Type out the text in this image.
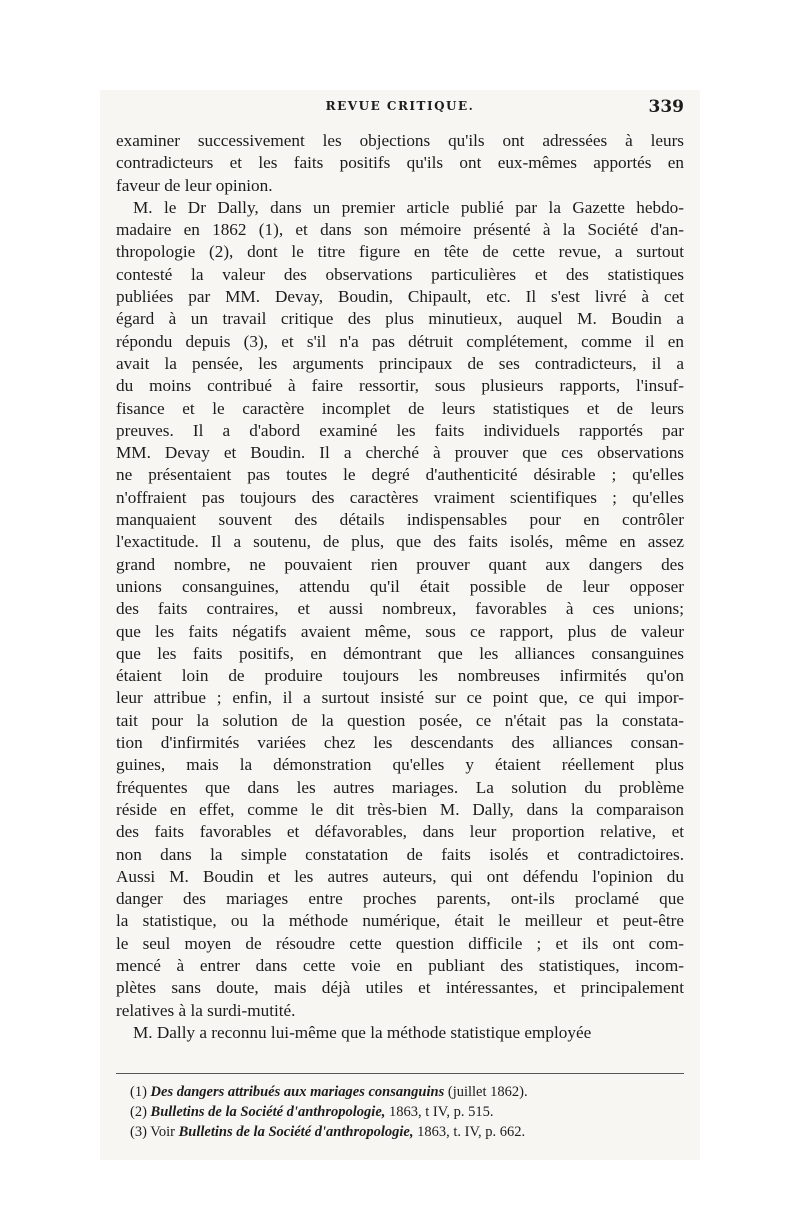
REVUE CRITIQUE.	339
examiner successivement les objections qu'ils ont adressées à leurs
contradicteurs et les faits positifs qu'ils ont eux-mêmes apportés en
faveur de leur opinion.
M. le Dr Dally, dans un premier article publié par la Gazette hebdo-
madaire en 1862 (1), et dans son mémoire présenté à la Société d'an-
thropologie (2), dont le titre figure en tête de cette revue, a surtout
contesté la valeur des observations particulières et des statistiques
publiées par MM. Devay, Boudin, Chipault, etc. Il s'est livré à cet
égard à un travail critique des plus minutieux, auquel M. Boudin a
répondu depuis (3), et s'il n'a pas détruit complétement, comme il en
avait la pensée, les arguments principaux de ses contradicteurs, il a
du moins contribué à faire ressortir, sous plusieurs rapports, l'insuf-
fisance et le caractère incomplet de leurs statistiques et de leurs
preuves. Il a d'abord examiné les faits individuels rapportés par
MM. Devay et Boudin. Il a cherché à prouver que ces observations
ne présentaient pas toutes le degré d'authenticité désirable ; qu'elles
n'offraient pas toujours des caractères vraiment scientifiques ; qu'elles
manquaient souvent des détails indispensables pour en contrôler
l'exactitude. Il a soutenu, de plus, que des faits isolés, même en assez
grand nombre, ne pouvaient rien prouver quant aux dangers des
unions consanguines, attendu qu'il était possible de leur opposer
des faits contraires, et aussi nombreux, favorables à ces unions;
que les faits négatifs avaient même, sous ce rapport, plus de valeur
que les faits positifs, en démontrant que les alliances consanguines
étaient loin de produire toujours les nombreuses infirmités qu'on
leur attribue ; enfin, il a surtout insisté sur ce point que, ce qui impor-
tait pour la solution de la question posée, ce n'était pas la constata-
tion d'infirmités variées chez les descendants des alliances consan-
guines, mais la démonstration qu'elles y étaient réellement plus
fréquentes que dans les autres mariages. La solution du problème
réside en effet, comme le dit très-bien M. Dally, dans la comparaison
des faits favorables et défavorables, dans leur proportion relative, et
non dans la simple constatation de faits isolés et contradictoires.
Aussi M. Boudin et les autres auteurs, qui ont défendu l'opinion du
danger des mariages entre proches parents, ont-ils proclamé que
la statistique, ou la méthode numérique, était le meilleur et peut-être
le seul moyen de résoudre cette question difficile ; et ils ont com-
mencé à entrer dans cette voie en publiant des statistiques, incom-
plètes sans doute, mais déjà utiles et intéressantes, et principalement
relatives à la surdi-mutité.
M. Dally a reconnu lui-même que la méthode statistique employée
(1) Des dangers attribués aux mariages consanguins (juillet 1862).
(2) Bulletins de la Société d'anthropologie, 1863, t IV, p. 515.
(3) Voir Bulletins de la Société d'anthropologie, 1863, t. IV, p. 662.
